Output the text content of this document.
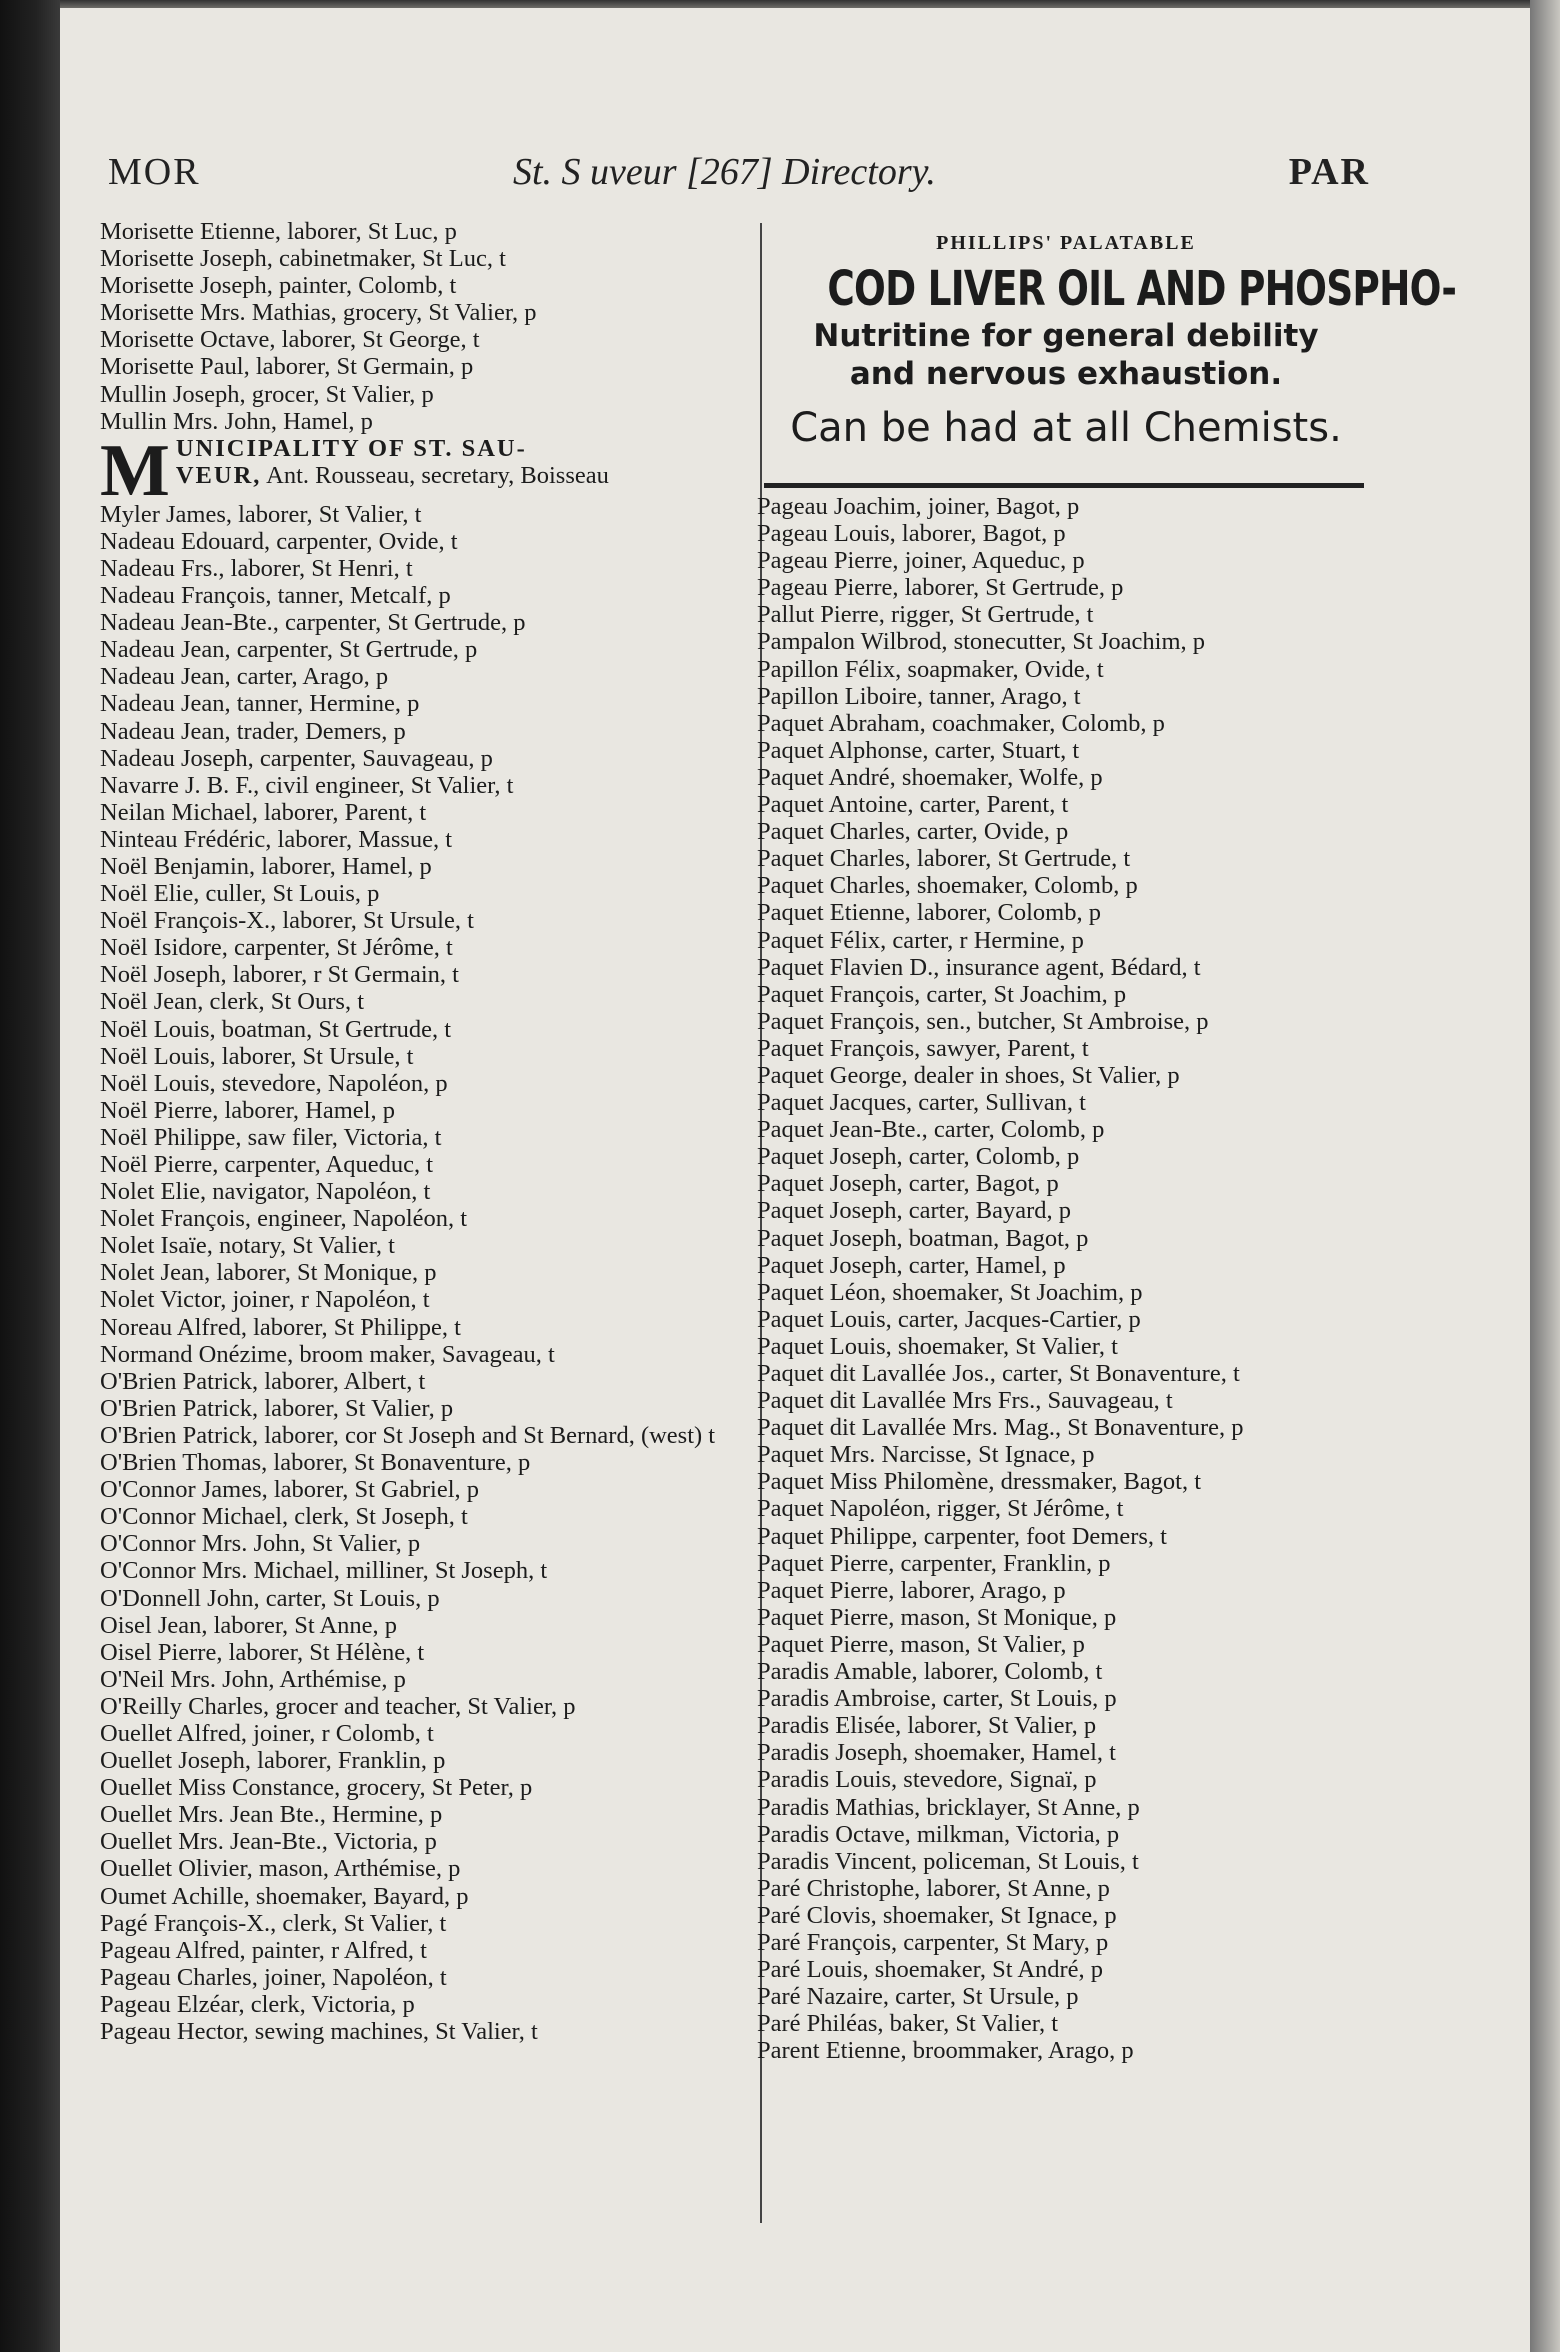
MOR	St. S uveur [267] Directory.	PAR
Morisette Etienne, laborer, St Luc, p
Morisette Joseph, cabinetmaker, St Luc, t
Morisette Joseph, painter, Colomb, t
Morisette Mrs. Mathias, grocery, St Valier, p
Morisette Octave, laborer, St George, t
Morisette Paul, laborer, St Germain, p
Mullin Joseph, grocer, St Valier, p
Mullin Mrs. John, Hamel, p
M UNICIPALITY OF ST. SAU-
VEUR, Ant. Rousseau, secretary, Boisseau
Myler James, laborer, St Valier, t
Nadeau Edouard, carpenter, Ovide, t
Nadeau Frs., laborer, St Henri, t
Nadeau François, tanner, Metcalf, p
Nadeau Jean-Bte., carpenter, St Gertrude, p
Nadeau Jean, carpenter, St Gertrude, p
Nadeau Jean, carter, Arago, p
Nadeau Jean, tanner, Hermine, p
Nadeau Jean, trader, Demers, p
Nadeau Joseph, carpenter, Sauvageau, p
Navarre J. B. F., civil engineer, St Valier, t
Neilan Michael, laborer, Parent, t
Ninteau Frédéric, laborer, Massue, t
Noël Benjamin, laborer, Hamel, p
Noël Elie, culler, St Louis, p
Noël François-X., laborer, St Ursule, t
Noël Isidore, carpenter, St Jérôme, t
Noël Joseph, laborer, r St Germain, t
Noël Jean, clerk, St Ours, t
Noël Louis, boatman, St Gertrude, t
Noël Louis, laborer, St Ursule, t
Noël Louis, stevedore, Napoléon, p
Noël Pierre, laborer, Hamel, p
Noël Philippe, saw filer, Victoria, t
Noël Pierre, carpenter, Aqueduc, t
Nolet Elie, navigator, Napoléon, t
Nolet François, engineer, Napoléon, t
Nolet Isaïe, notary, St Valier, t
Nolet Jean, laborer, St Monique, p
Nolet Victor, joiner, r Napoléon, t
Noreau Alfred, laborer, St Philippe, t
Normand Onézime, broom maker, Savageau, t
O'Brien Patrick, laborer, Albert, t
O'Brien Patrick, laborer, St Valier, p
O'Brien Patrick, laborer, cor St Joseph and St Bernard, (west) t
O'Brien Thomas, laborer, St Bonaventure, p
O'Connor James, laborer, St Gabriel, p
O'Connor Michael, clerk, St Joseph, t
O'Connor Mrs. John, St Valier, p
O'Connor Mrs. Michael, milliner, St Joseph, t
O'Donnell John, carter, St Louis, p
Oisel Jean, laborer, St Anne, p
Oisel Pierre, laborer, St Hélène, t
O'Neil Mrs. John, Arthémise, p
O'Reilly Charles, grocer and teacher, St Valier, p
Ouellet Alfred, joiner, r Colomb, t
Ouellet Joseph, laborer, Franklin, p
Ouellet Miss Constance, grocery, St Peter, p
Ouellet Mrs. Jean Bte., Hermine, p
Ouellet Mrs. Jean-Bte., Victoria, p
Ouellet Olivier, mason, Arthémise, p
Oumet Achille, shoemaker, Bayard, p
Pagé François-X., clerk, St Valier, t
Pageau Alfred, painter, r Alfred, t
Pageau Charles, joiner, Napoléon, t
Pageau Elzéar, clerk, Victoria, p
Pageau Hector, sewing machines, St Valier, t
PHILLIPS' PALATABLE
COD LIVER OIL AND PHOSPHO-
Nutritine for general debility
and nervous exhaustion.
Can be had at all Chemists.
Pageau Joachim, joiner, Bagot, p
Pageau Louis, laborer, Bagot, p
Pageau Pierre, joiner, Aqueduc, p
Pageau Pierre, laborer, St Gertrude, p
Pallut Pierre, rigger, St Gertrude, t
Pampalon Wilbrod, stonecutter, St Joachim, p
Papillon Félix, soapmaker, Ovide, t
Papillon Liboire, tanner, Arago, t
Paquet Abraham, coachmaker, Colomb, p
Paquet Alphonse, carter, Stuart, t
Paquet André, shoemaker, Wolfe, p
Paquet Antoine, carter, Parent, t
Paquet Charles, carter, Ovide, p
Paquet Charles, laborer, St Gertrude, t
Paquet Charles, shoemaker, Colomb, p
Paquet Etienne, laborer, Colomb, p
Paquet Félix, carter, r Hermine, p
Paquet Flavien D., insurance agent, Bédard, t
Paquet François, carter, St Joachim, p
Paquet François, sen., butcher, St Ambroise, p
Paquet François, sawyer, Parent, t
Paquet George, dealer in shoes, St Valier, p
Paquet Jacques, carter, Sullivan, t
Paquet Jean-Bte., carter, Colomb, p
Paquet Joseph, carter, Colomb, p
Paquet Joseph, carter, Bagot, p
Paquet Joseph, carter, Bayard, p
Paquet Joseph, boatman, Bagot, p
Paquet Joseph, carter, Hamel, p
Paquet Léon, shoemaker, St Joachim, p
Paquet Louis, carter, Jacques-Cartier, p
Paquet Louis, shoemaker, St Valier, t
Paquet dit Lavallée Jos., carter, St Bonaventure, t
Paquet dit Lavallée Mrs Frs., Sauvageau, t
Paquet dit Lavallée Mrs. Mag., St Bonaventure, p
Paquet Mrs. Narcisse, St Ignace, p
Paquet Miss Philomène, dressmaker, Bagot, t
Paquet Napoléon, rigger, St Jérôme, t
Paquet Philippe, carpenter, foot Demers, t
Paquet Pierre, carpenter, Franklin, p
Paquet Pierre, laborer, Arago, p
Paquet Pierre, mason, St Monique, p
Paquet Pierre, mason, St Valier, p
Paradis Amable, laborer, Colomb, t
Paradis Ambroise, carter, St Louis, p
Paradis Elisée, laborer, St Valier, p
Paradis Joseph, shoemaker, Hamel, t
Paradis Louis, stevedore, Signaï, p
Paradis Mathias, bricklayer, St Anne, p
Paradis Octave, milkman, Victoria, p
Paradis Vincent, policeman, St Louis, t
Paré Christophe, laborer, St Anne, p
Paré Clovis, shoemaker, St Ignace, p
Paré François, carpenter, St Mary, p
Paré Louis, shoemaker, St André, p
Paré Nazaire, carter, St Ursule, p
Paré Philéas, baker, St Valier, t
Parent Etienne, broommaker, Arago, p
